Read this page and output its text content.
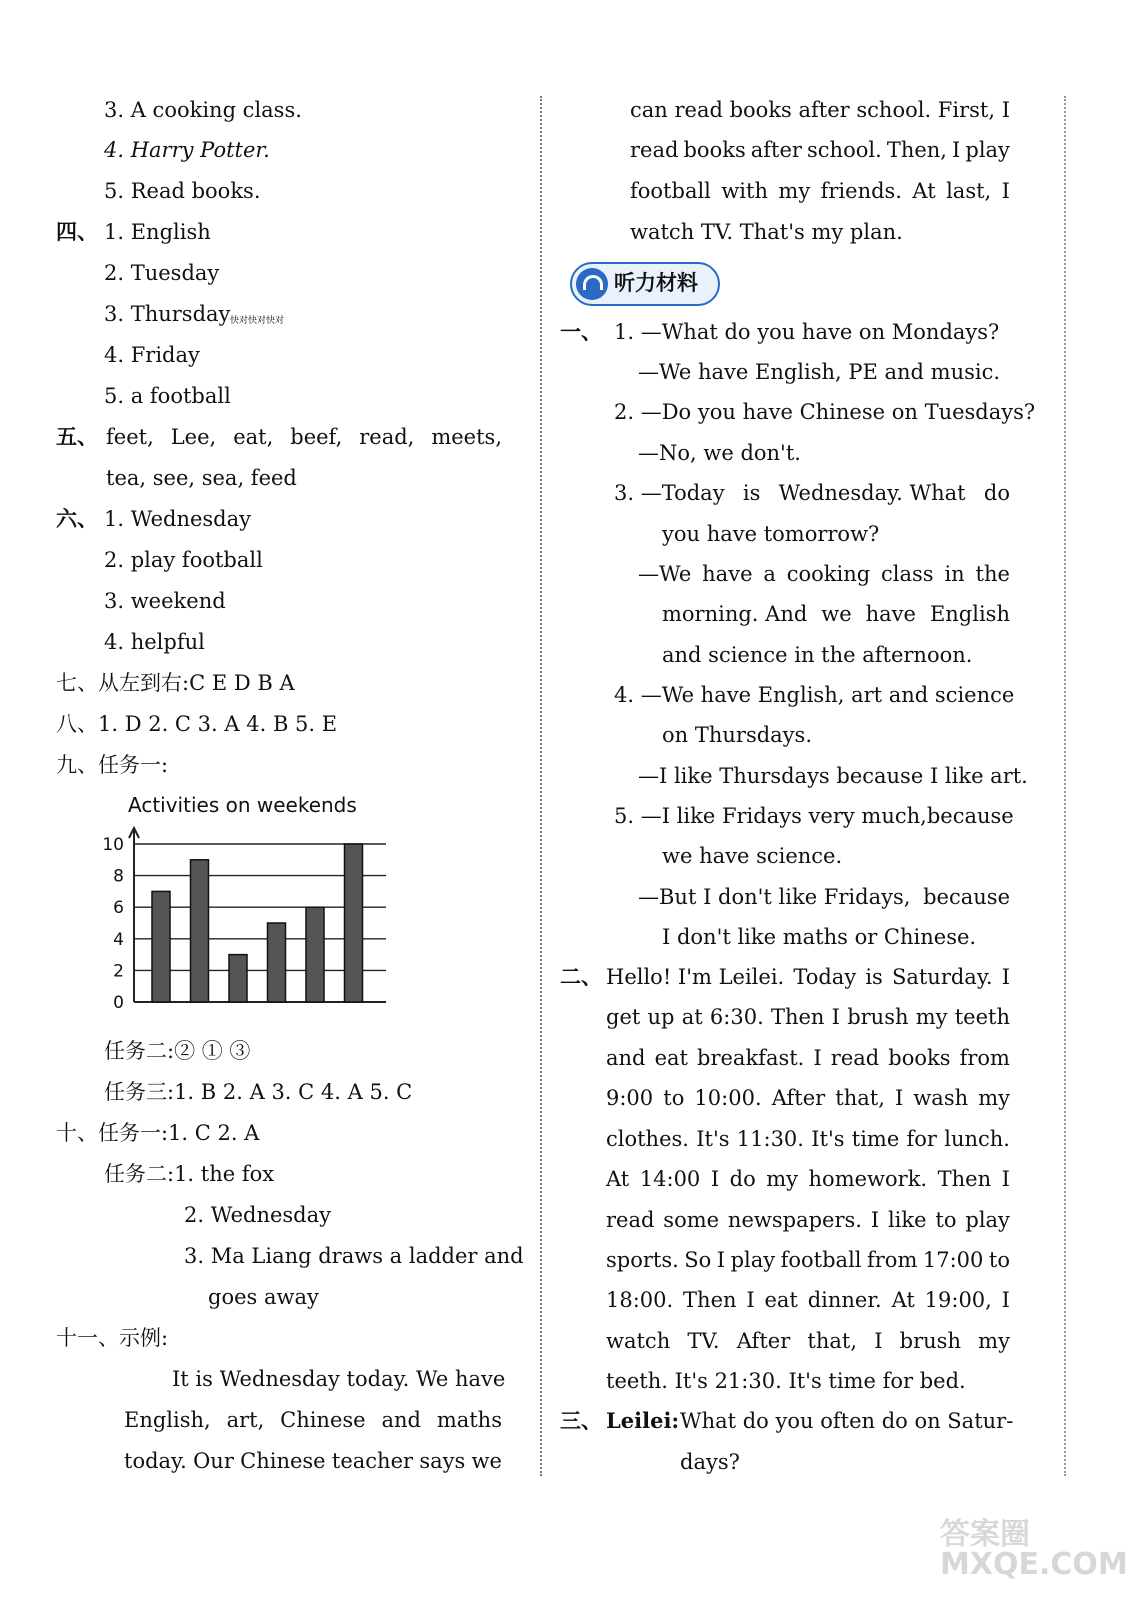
3. A cooking class.
4. Harry Potter.
5. Read books.
四、 1. English
2. Tuesday
3. Thursday 快对快对快对
4. Friday
5. a football
五、 feet, Lee, eat, beef, read, meets,
tea, see, sea, feed
六、 1. Wednesday
2. play football
3. weekend
4. helpful
七、从左到右:C E D B A
八、1. D 2. C 3. A 4. B 5. E
九、任务一:
Activities on weekends
10
8
6
4
2
0
任务二:② ① ③
任务三:1. B 2. A 3. C 4. A 5. C
十、任务一:1. C 2. A
任务二:1. the fox
2. Wednesday
3. Ma Liang draws a ladder and
goes away
十一、示例:
It is Wednesday today. We have
English, art, Chinese and maths
today. Our Chinese teacher says we
can read books after school. First, I
read books after school. Then, I play
football with my friends. At last, I
watch TV. That's my plan.
听力材料
一、 1. —What do you have on Mondays?
—We have English, PE and music.
2. —Do you have Chinese on Tuesdays?
—No, we don't.
3. —Today is Wednesday. What do
you have tomorrow?
—We have a cooking class in the
morning. And we have English
and science in the afternoon.
4. —We have English, art and science
on Thursdays.
—I like Thursdays because I like art.
5. —I like Fridays very much, because
we have science.
—But I don't like Fridays, because
I don't like maths or Chinese.
二、 Hello! I'm Leilei. Today is Saturday. I
get up at 6:30. Then I brush my teeth
and eat breakfast. I read books from
9:00 to 10:00. After that, I wash my
clothes. It's 11:30. It's time for lunch.
At 14:00 I do my homework. Then I
read some newspapers. I like to play
sports. So I play football from 17:00 to
18:00. Then I eat dinner. At 19:00, I
watch TV. After that, I brush my
teeth. It's 21:30. It's time for bed.
三、 Leilei: What do you often do on Satur-
days?
答案圈 MXQE.COM
